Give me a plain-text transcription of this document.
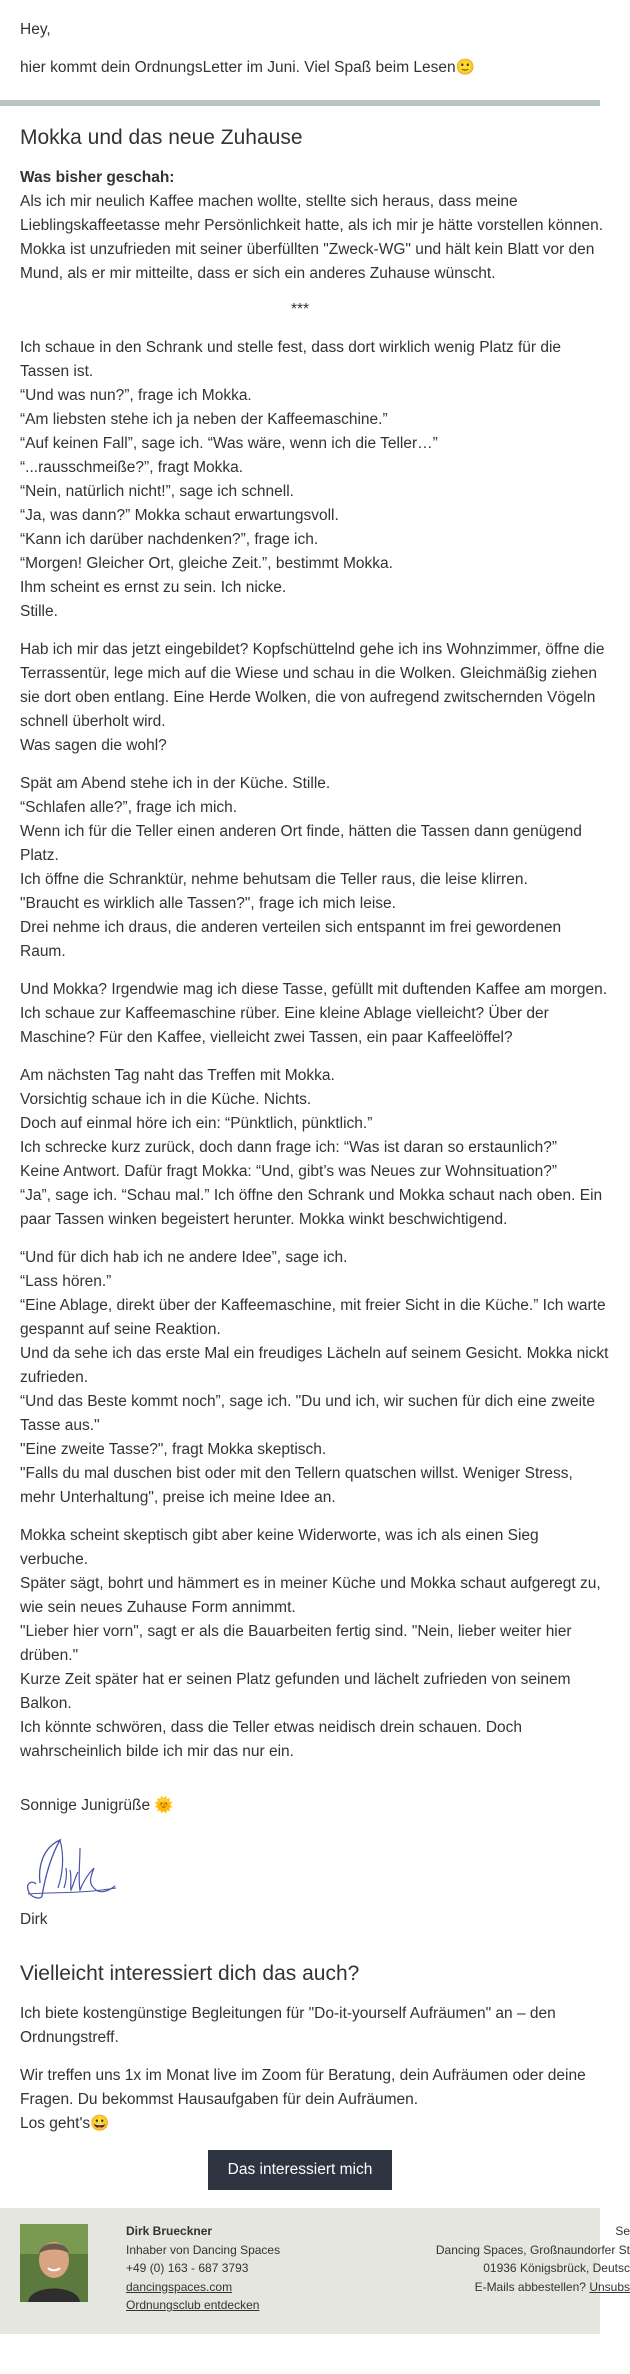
Hey,

hier kommt dein OrdnungsLetter im Juni. Viel Spaß beim Lesen🙂

Mokka und das neue Zuhause

Was bisher geschah:

Als ich mir neulich Kaffee machen wollte, stellte sich heraus, dass meine

Lieblingskaffeetasse mehr Persönlichkeit hatte, als ich mir je hätte vorstellen können.

Mokka ist unzufrieden mit seiner überfüllten "Zweck-WG" und hält kein Blatt vor den

Mund, als er mir mitteilte, dass er sich ein anderes Zuhause wünscht.

***

Ich schaue in den Schrank und stelle fest, dass dort wirklich wenig Platz für die

Tassen ist.

“Und was nun?”, frage ich Mokka.

“Am liebsten stehe ich ja neben der Kaffeemaschine.”

“Auf keinen Fall”, sage ich. “Was wäre, wenn ich die Teller…”

“...rausschmeiße?”, fragt Mokka.

“Nein, natürlich nicht!”, sage ich schnell.

“Ja, was dann?” Mokka schaut erwartungsvoll.

“Kann ich darüber nachdenken?”, frage ich.

“Morgen! Gleicher Ort, gleiche Zeit.”, bestimmt Mokka.

Ihm scheint es ernst zu sein. Ich nicke.

Stille.

Hab ich mir das jetzt eingebildet? Kopfschüttelnd gehe ich ins Wohnzimmer, öffne die

Terrassentür, lege mich auf die Wiese und schau in die Wolken. Gleichmäßig ziehen

sie dort oben entlang. Eine Herde Wolken, die von aufregend zwitschernden Vögeln

schnell überholt wird.

Was sagen die wohl?

Spät am Abend stehe ich in der Küche. Stille.

“Schlafen alle?”, frage ich mich.

Wenn ich für die Teller einen anderen Ort finde, hätten die Tassen dann genügend

Platz.

Ich öffne die Schranktür, nehme behutsam die Teller raus, die leise klirren.

"Braucht es wirklich alle Tassen?", frage ich mich leise.

Drei nehme ich draus, die anderen verteilen sich entspannt im frei gewordenen

Raum.

Und Mokka? Irgendwie mag ich diese Tasse, gefüllt mit duftenden Kaffee am morgen.

Ich schaue zur Kaffeemaschine rüber. Eine kleine Ablage vielleicht? Über der

Maschine? Für den Kaffee, vielleicht zwei Tassen, ein paar Kaffeelöffel?

Am nächsten Tag naht das Treffen mit Mokka.

Vorsichtig schaue ich in die Küche. Nichts.

Doch auf einmal höre ich ein: “Pünktlich, pünktlich.”

Ich schrecke kurz zurück, doch dann frage ich: “Was ist daran so erstaunlich?”

Keine Antwort. Dafür fragt Mokka: “Und, gibt’s was Neues zur Wohnsituation?”

“Ja”, sage ich. “Schau mal.” Ich öffne den Schrank und Mokka schaut nach oben. Ein

paar Tassen winken begeistert herunter. Mokka winkt beschwichtigend.

“Und für dich hab ich ne andere Idee”, sage ich.

“Lass hören.”

“Eine Ablage, direkt über der Kaffeemaschine, mit freier Sicht in die Küche.” Ich warte

gespannt auf seine Reaktion.

Und da sehe ich das erste Mal ein freudiges Lächeln auf seinem Gesicht. Mokka nickt

zufrieden.

“Und das Beste kommt noch”, sage ich. "Du und ich, wir suchen für dich eine zweite

Tasse aus."

"Eine zweite Tasse?", fragt Mokka skeptisch.

"Falls du mal duschen bist oder mit den Tellern quatschen willst. Weniger Stress,

mehr Unterhaltung", preise ich meine Idee an.

Mokka scheint skeptisch gibt aber keine Widerworte, was ich als einen Sieg

verbuche.

Später sägt, bohrt und hämmert es in meiner Küche und Mokka schaut aufgeregt zu,

wie sein neues Zuhause Form annimmt.

"Lieber hier vorn", sagt er als die Bauarbeiten fertig sind. "Nein, lieber weiter hier

drüben."

Kurze Zeit später hat er seinen Platz gefunden und lächelt zufrieden von seinem

Balkon.

Ich könnte schwören, dass die Teller etwas neidisch drein schauen. Doch

wahrscheinlich bilde ich mir das nur ein.

Sonnige Junigrüße 🌞

Dirk

Vielleicht interessiert dich das auch?

Ich biete kostengünstige Begleitungen für "Do-it-yourself Aufräumen" an – den

Ordnungstreff.

Wir treffen uns 1x im Monat live im Zoom für Beratung, dein Aufräumen oder deine

Fragen. Du bekommst Hausaufgaben für dein Aufräumen.

Los geht's😀

Das interessiert mich
Dirk Brueckner
Inhaber von Dancing Spaces
+49 (0) 163 - 687 3793
dancingspaces.com
Ordnungsclub entdecken
Se
Dancing Spaces, Großnaundorfer St
01936 Königsbrück, Deutsc
E-Mails abbestellen? Unsubs
